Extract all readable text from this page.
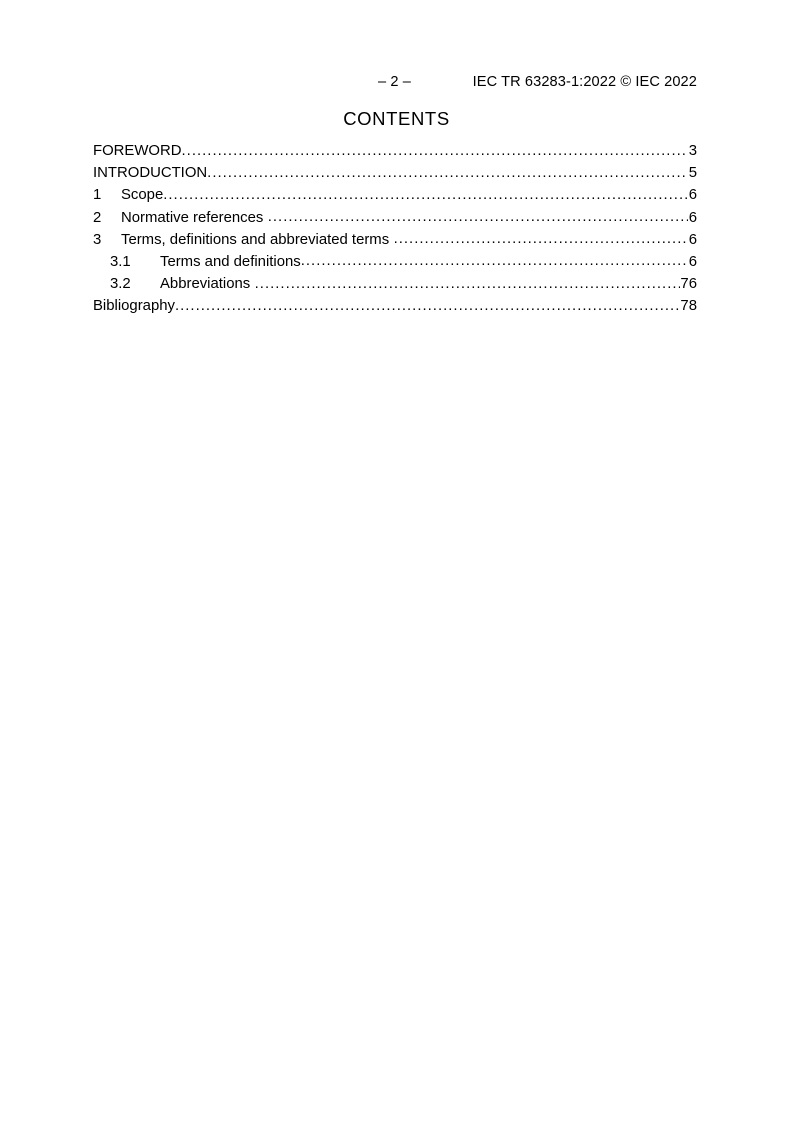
– 2 –	IEC TR 63283-1:2022 © IEC 2022
CONTENTS
FOREWORD .....	3
INTRODUCTION .....	5
1	Scope .....	6
2	Normative references .....	6
3	Terms, definitions and abbreviated terms .....	6
3.1	Terms and definitions .....	6
3.2	Abbreviations .....	76
Bibliography .....	78
